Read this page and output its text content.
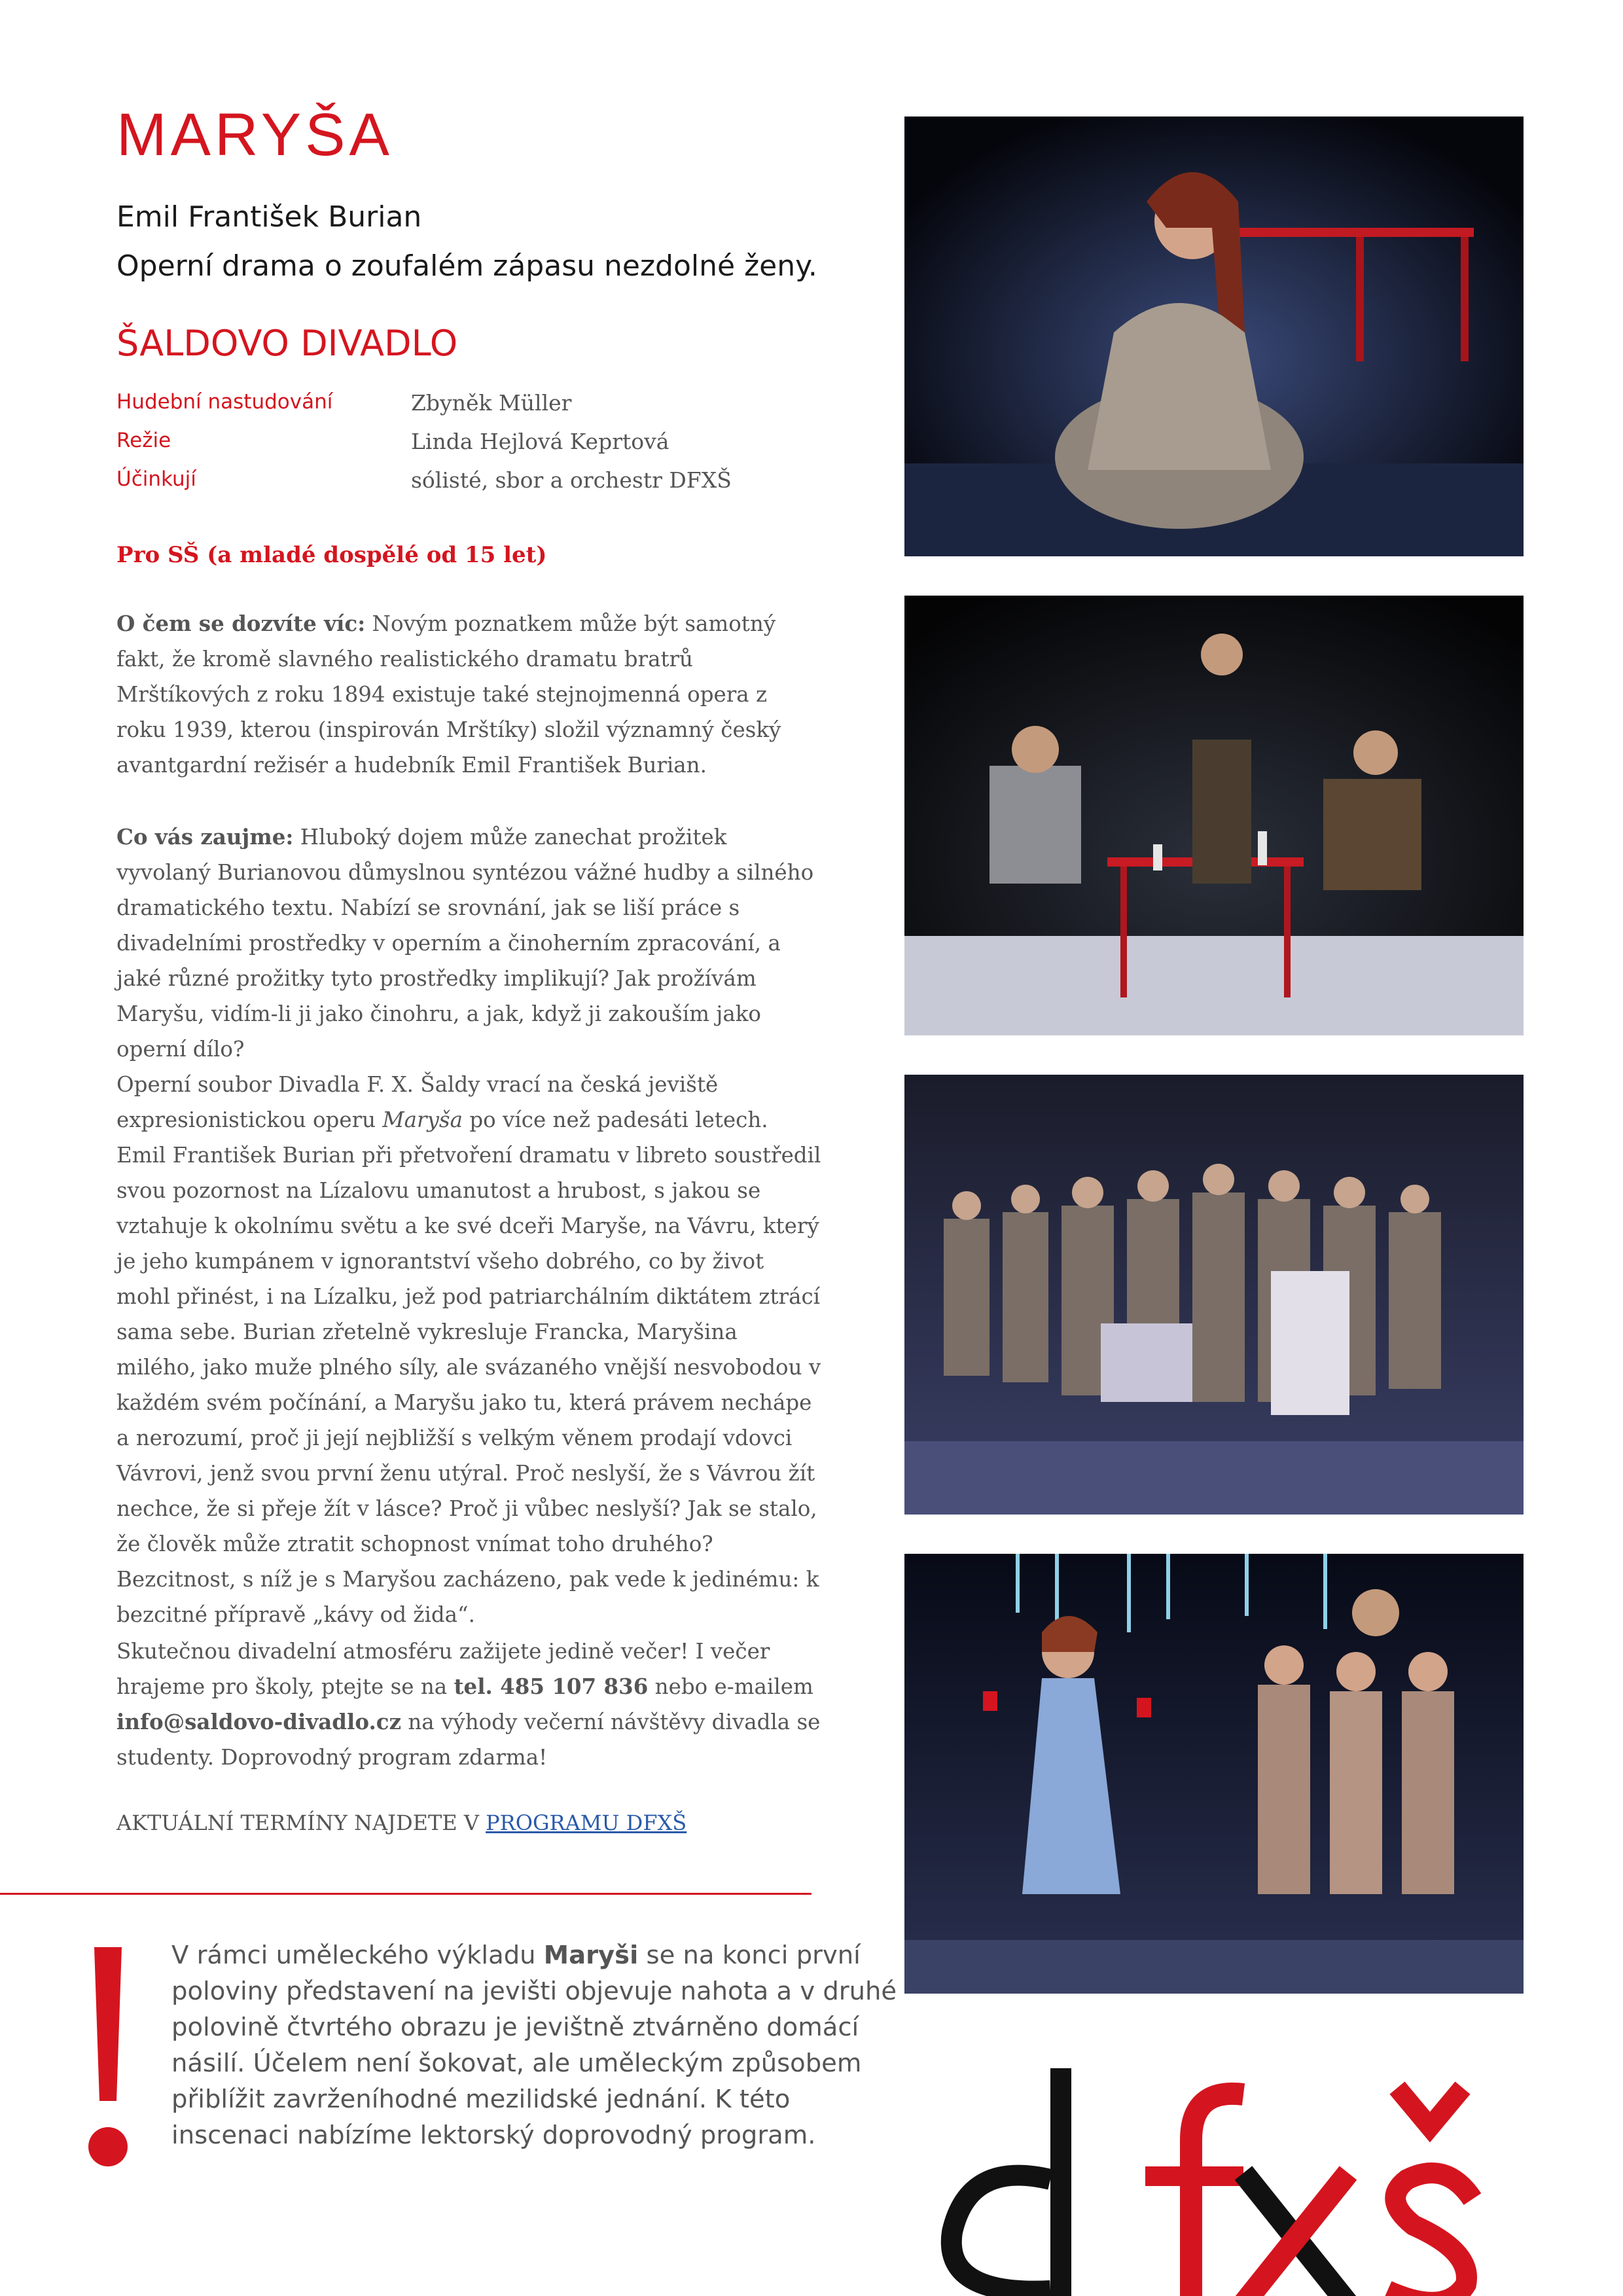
MARYŠA

Emil František Burian

Operní drama o zoufalém zápasu nezdolné ženy.

ŠALDOVO DIVADLO
Hudební nastudování	Zbyněk Müller
Režie	Linda Hejlová Keprtová
Účinkují	sólisté, sbor a orchestr DFXŠ

Pro SŠ (a mladé dospělé od 15 let)

O čem se dozvíte víc: Novým poznatkem může být samotný fakt, že kromě slavného realistického dramatu bratrů Mrštíkových z roku 1894 existuje také stejnojmenná opera z roku 1939, kterou (inspirován Mrštíky) složil významný český avantgardní režisér a hudebník Emil František Burian.
Co vás zaujme: Hluboký dojem může zanechat prožitek vyvolaný Burianovou důmyslnou syntézou vážné hudby a silného dramatického textu. Nabízí se srovnání, jak se liší práce s divadelními prostředky v operním a činoherním zpracování, a jaké různé prožitky tyto prostředky implikují? Jak prožívám Maryšu, vidím-li ji jako činohru, a jak, když ji zakouším jako operní dílo?
Operní soubor Divadla F. X. Šaldy vrací na česká jeviště expresionistickou operu Maryša po více než padesáti letech. Emil František Burian při přetvoření dramatu v libreto soustředil svou pozornost na Lízalovu umanutost a hrubost, s jakou se vztahuje k okolnímu světu a ke své dceři Maryše, na Vávru, který je jeho kumpánem v ignorantství všeho dobrého, co by život mohl přinést, i na Lízalku, jež pod patriarchálním diktátem ztrácí sama sebe. Burian zřetelně vykresluje Francka, Maryšina milého, jako muže plného síly, ale svázaného vnější nesvobodou v každém svém počínání, a Maryšu jako tu, která právem nechápe a nerozumí, proč ji její nejbližší s velkým věnem prodají vdovci Vávrovi, jenž svou první ženu utýral. Proč neslyší, že s Vávrou žít nechce, že si přeje žít v lásce? Proč ji vůbec neslyší? Jak se stalo, že člověk může ztratit schopnost vnímat toho druhého? Bezcitnost, s níž je s Maryšou zacházeno, pak vede k jedinému: k bezcitné přípravě „kávy od žida“.
Skutečnou divadelní atmosféru zažijete jedině večer! I večer hrajeme pro školy, ptejte se na tel. 485 107 836 nebo e-mailem info@saldovo-divadlo.cz na výhody večerní návštěvy divadla se studenty. Doprovodný program zdarma!

AKTUÁLNÍ TERMÍNY NAJDETE V PROGRAMU DFXŠ

V rámci uměleckého výkladu Maryši se na konci první poloviny představení na jevišti objevuje nahota a v druhé polovině čtvrtého obrazu je jevištně ztvárněno domácí násilí. Účelem není šokovat, ale uměleckým způsobem přiblížit zavrženíhodné mezilidské jednání. K této inscenaci nabízíme lektorský doprovodný program.
